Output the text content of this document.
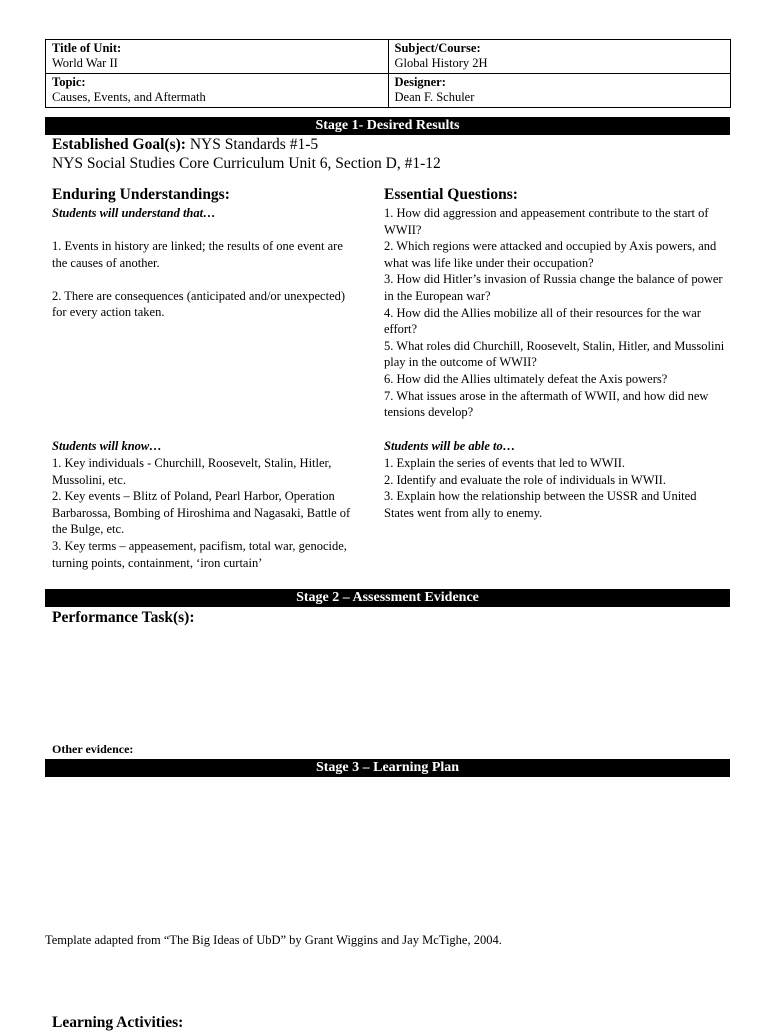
Title of Unit:
World War II	Subject/Course:
Global History 2H

Topic:
Causes, Events, and Aftermath	Designer:
Dean F. Schuler
Stage 1- Desired Results
Established Goal(s): NYS Standards #1-5
NYS Social Studies Core Curriculum Unit 6, Section D, #1-12
Enduring Understandings:
Students will understand that…

1. Events in history are linked; the results of one event are the causes of another.

2. There are consequences (anticipated and/or unexpected) for every action taken.

Essential Questions:

1. How did aggression and appeasement contribute to the start of WWII?

2. Which regions were attacked and occupied by Axis powers, and what was life like under their occupation?

3. How did Hitler’s invasion of Russia change the balance of power in the European war?

4. How did the Allies mobilize all of their resources for the war effort?

5. What roles did Churchill, Roosevelt, Stalin, Hitler, and Mussolini play in the outcome of WWII?

6. How did the Allies ultimately defeat the Axis powers?

7. What issues arose in the aftermath of WWII, and how did new tensions develop?

Students will know…

1. Key individuals - Churchill, Roosevelt, Stalin, Hitler, Mussolini, etc.

2. Key events – Blitz of Poland, Pearl Harbor, Operation Barbarossa, Bombing of Hiroshima and Nagasaki, Battle of the Bulge, etc.

3. Key terms – appeasement, pacifism, total war, genocide, turning points, containment, ‘iron curtain’

Students will be able to…

1. Explain the series of events that led to WWII.

2. Identify and evaluate the role of individuals in WWII.

3. Explain how the relationship between the USSR and United States went from ally to enemy.

Stage 2 – Assessment Evidence
Performance Task(s):
Other evidence:
Stage 3 – Learning Plan
Template adapted from “The Big Ideas of UbD” by Grant Wiggins and Jay McTighe, 2004.
Learning Activities:
